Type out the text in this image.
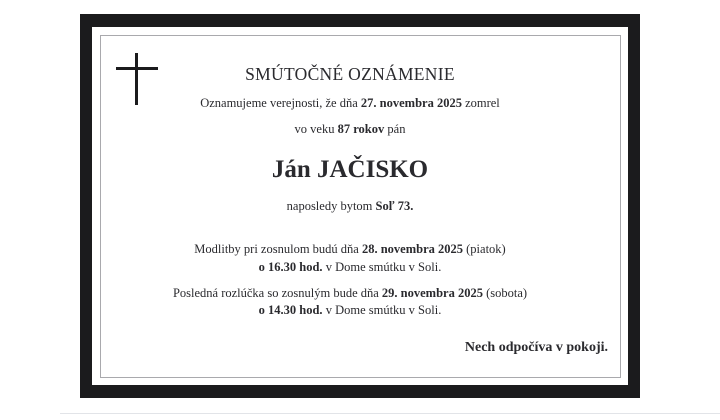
SMÚTOČNÉ OZNÁMENIE
Oznamujeme verejnosti, že dňa 27. novembra 2025 zomrel
vo veku 87 rokov pán
Ján JAČISKO
naposledy bytom Soľ 73.
Modlitby pri zosnulom budú dňa 28. novembra 2025 (piatok)
o 16.30 hod. v Dome smútku v Soli.
Posledná rozlúčka so zosnulým bude dňa 29. novembra 2025 (sobota)
o 14.30 hod. v Dome smútku v Soli.
Nech odpočíva v pokoji.
